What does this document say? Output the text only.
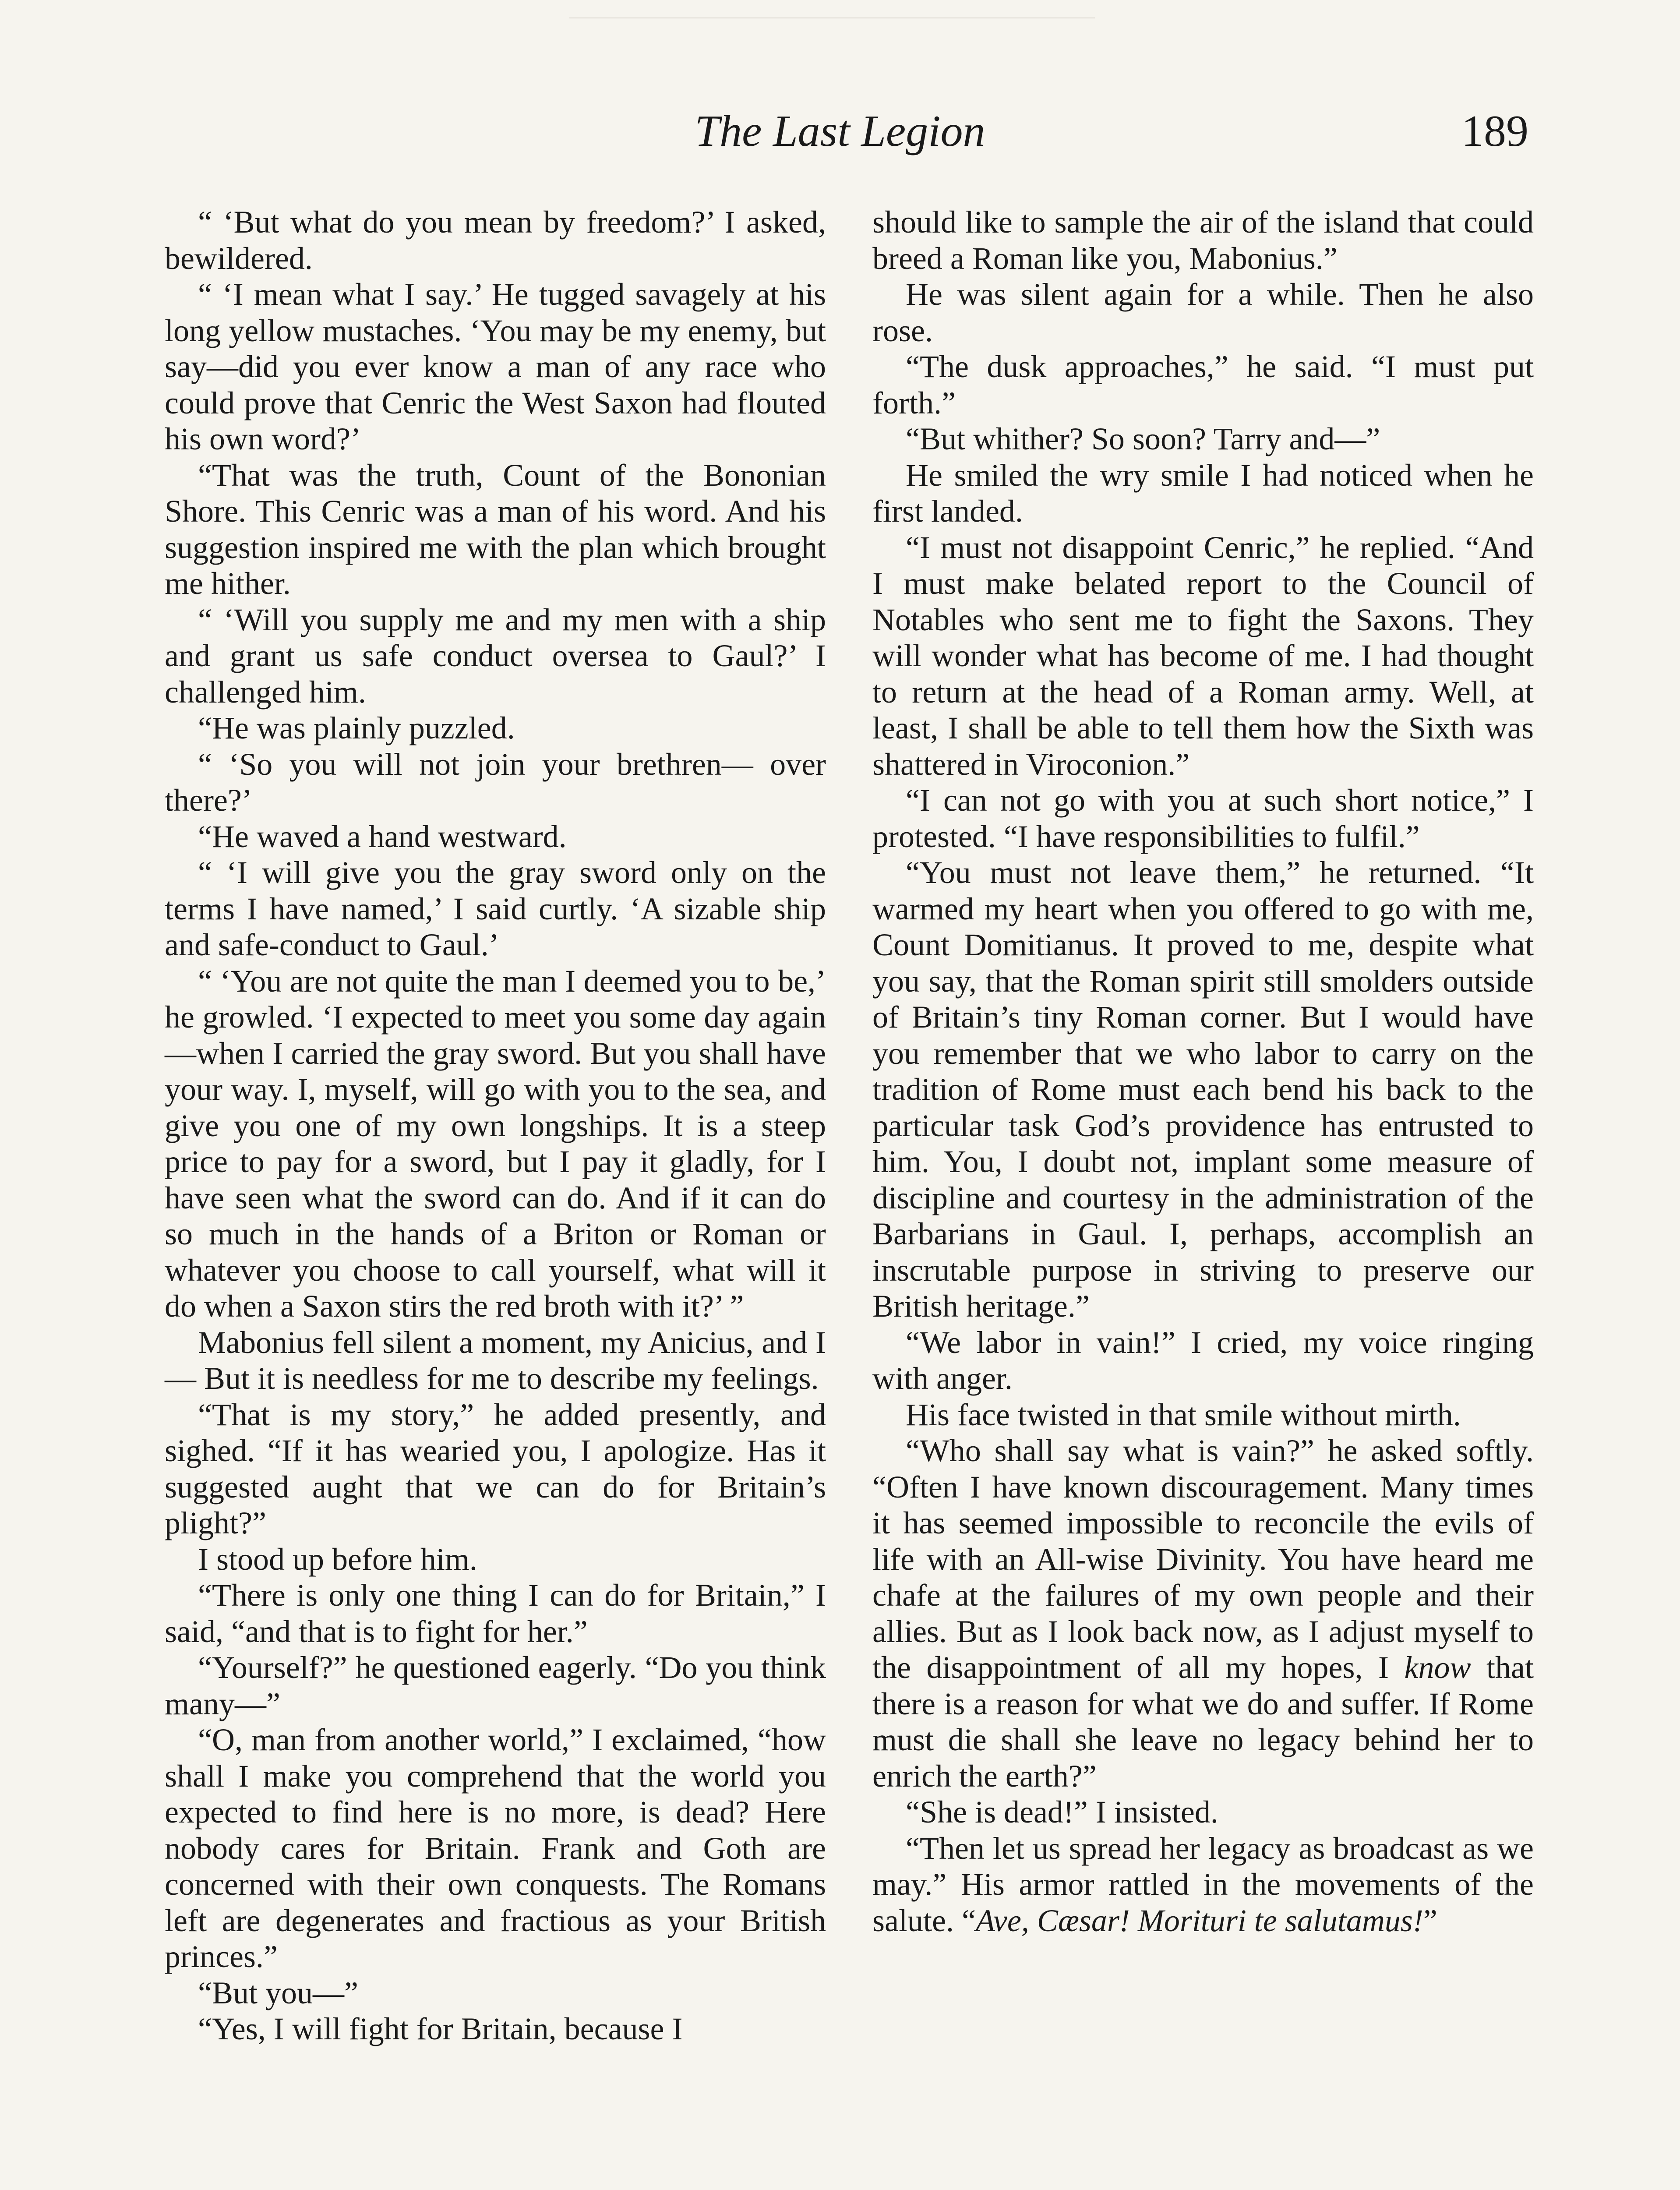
The Last Legion	189

“ ‘But what do you mean by freedom?’ I asked, bewildered.

“ ‘I mean what I say.’ He tugged savagely at his long yellow mustaches. ‘You may be my enemy, but say—did you ever know a man of any race who could prove that Cenric the West Saxon had flouted his own word?’

“That was the truth, Count of the Bononian Shore. This Cenric was a man of his word. And his suggestion inspired me with the plan which brought me hither.

“ ‘Will you supply me and my men with a ship and grant us safe conduct oversea to Gaul?’ I challenged him.

“He was plainly puzzled.

“ ‘So you will not join your brethren— over there?’

“He waved a hand westward.

“ ‘I will give you the gray sword only on the terms I have named,’ I said curtly. ‘A sizable ship and safe-conduct to Gaul.’

“ ‘You are not quite the man I deemed you to be,’ he growled. ‘I expected to meet you some day again—when I carried the gray sword. But you shall have your way. I, myself, will go with you to the sea, and give you one of my own longships. It is a steep price to pay for a sword, but I pay it gladly, for I have seen what the sword can do. And if it can do so much in the hands of a Briton or Roman or whatever you choose to call yourself, what will it do when a Saxon stirs the red broth with it?’ ”

Mabonius fell silent a moment, my Anicius, and I— But it is needless for me to describe my feelings.

“That is my story,” he added presently, and sighed. “If it has wearied you, I apologize. Has it suggested aught that we can do for Britain’s plight?”

I stood up before him.

“There is only one thing I can do for Britain,” I said, “and that is to fight for her.”

“Yourself?” he questioned eagerly. “Do you think many—”

“O, man from another world,” I exclaimed, “how shall I make you comprehend that the world you expected to find here is no more, is dead? Here nobody cares for Britain. Frank and Goth are concerned with their own conquests. The Romans left are degenerates and fractious as your British princes.”

“But you—”

“Yes, I will fight for Britain, because I

should like to sample the air of the island that could breed a Roman like you, Mabonius.”

He was silent again for a while. Then he also rose.

“The dusk approaches,” he said. “I must put forth.”

“But whither? So soon? Tarry and—”

He smiled the wry smile I had noticed when he first landed.

“I must not disappoint Cenric,” he replied. “And I must make belated report to the Council of Notables who sent me to fight the Saxons. They will wonder what has become of me. I had thought to return at the head of a Roman army. Well, at least, I shall be able to tell them how the Sixth was shattered in Viroconion.”

“I can not go with you at such short notice,” I protested. “I have responsibilities to fulfil.”

“You must not leave them,” he returned. “It warmed my heart when you offered to go with me, Count Domitianus. It proved to me, despite what you say, that the Roman spirit still smolders outside of Britain’s tiny Roman corner. But I would have you remember that we who labor to carry on the tradition of Rome must each bend his back to the particular task God’s providence has entrusted to him. You, I doubt not, implant some measure of discipline and courtesy in the administration of the Barbarians in Gaul. I, perhaps, accomplish an inscrutable purpose in striving to preserve our British heritage.”

“We labor in vain!” I cried, my voice ringing with anger.

His face twisted in that smile without mirth.

“Who shall say what is vain?” he asked softly. “Often I have known discouragement. Many times it has seemed impossible to reconcile the evils of life with an All-wise Divinity. You have heard me chafe at the failures of my own people and their allies. But as I look back now, as I adjust myself to the disappointment of all my hopes, I know that there is a reason for what we do and suffer. If Rome must die shall she leave no legacy behind her to enrich the earth?”

“She is dead!” I insisted.

“Then let us spread her legacy as broadcast as we may.” His armor rattled in the movements of the salute. “Ave, Cæsar! Morituri te salutamus!”
